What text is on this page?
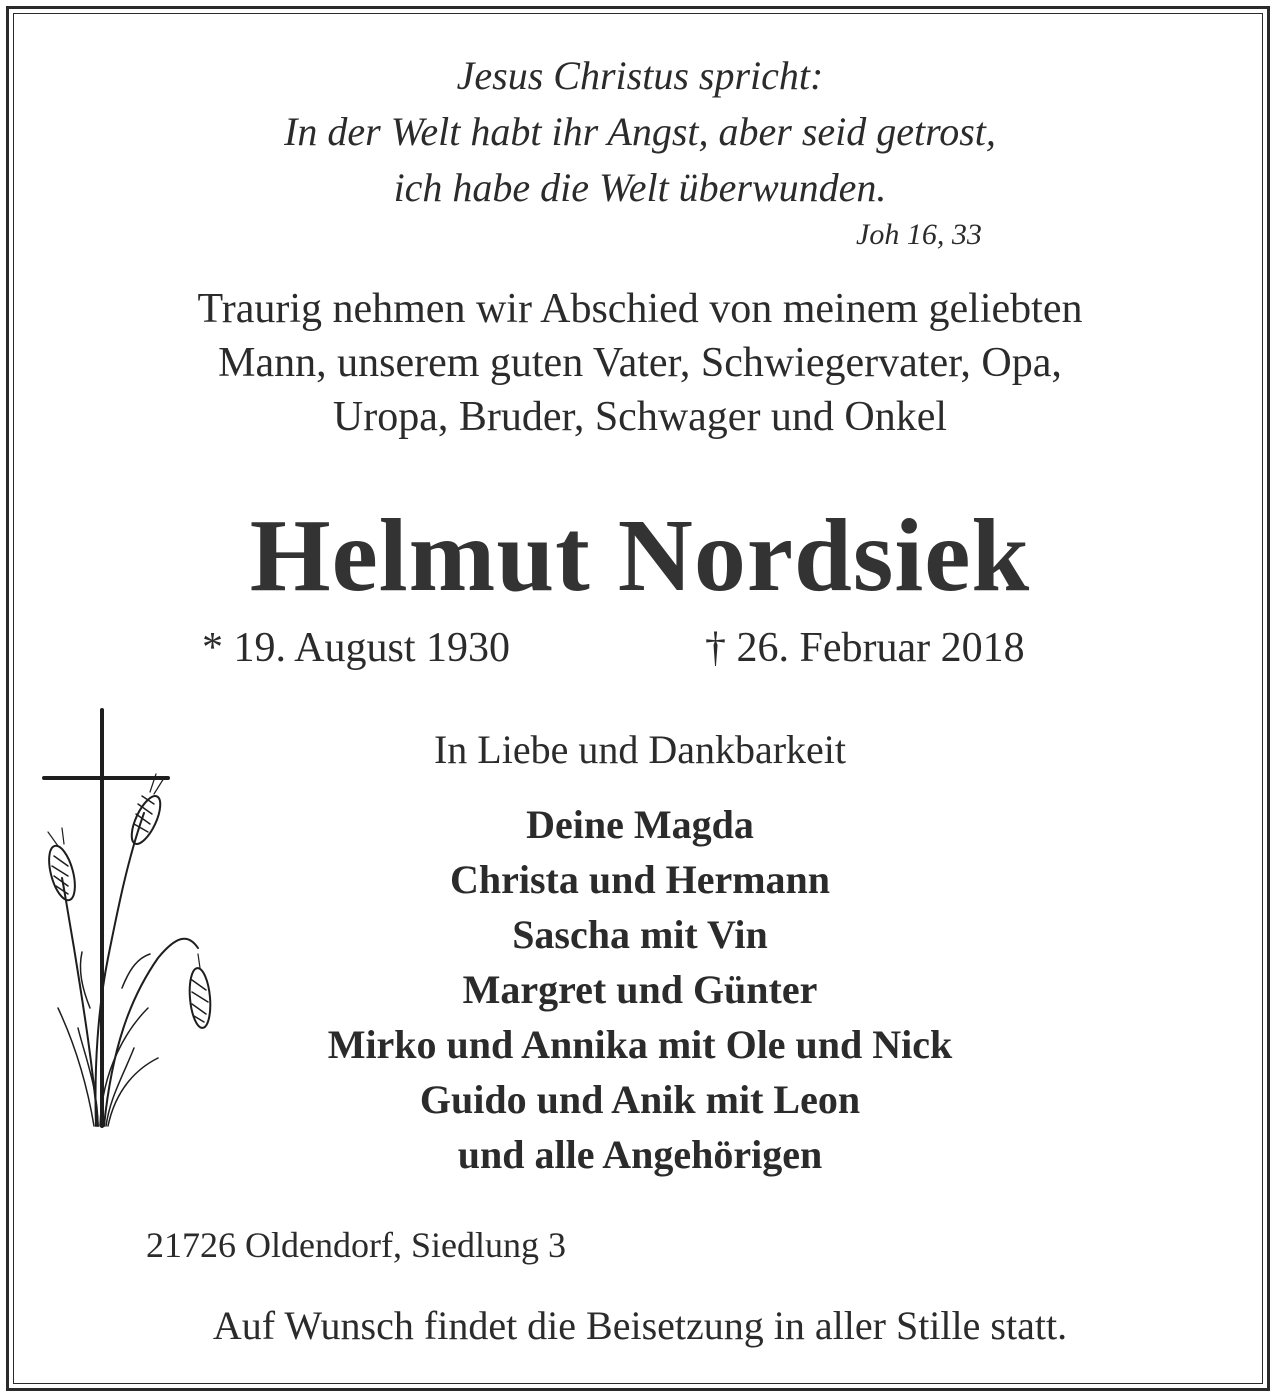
Jesus Christus spricht:
In der Welt habt ihr Angst, aber seid getrost,
ich habe die Welt überwunden.
Joh 16, 33
Traurig nehmen wir Abschied von meinem geliebten
Mann, unserem guten Vater, Schwiegervater, Opa,
Uropa, Bruder, Schwager und Onkel
Helmut Nordsiek
* 19. August 1930	† 26. Februar 2018
In Liebe und Dankbarkeit
Deine Magda
Christa und Hermann
Sascha mit Vin
Margret und Günter
Mirko und Annika mit Ole und Nick
Guido und Anik mit Leon
und alle Angehörigen
21726 Oldendorf, Siedlung 3
Auf Wunsch findet die Beisetzung in aller Stille statt.
